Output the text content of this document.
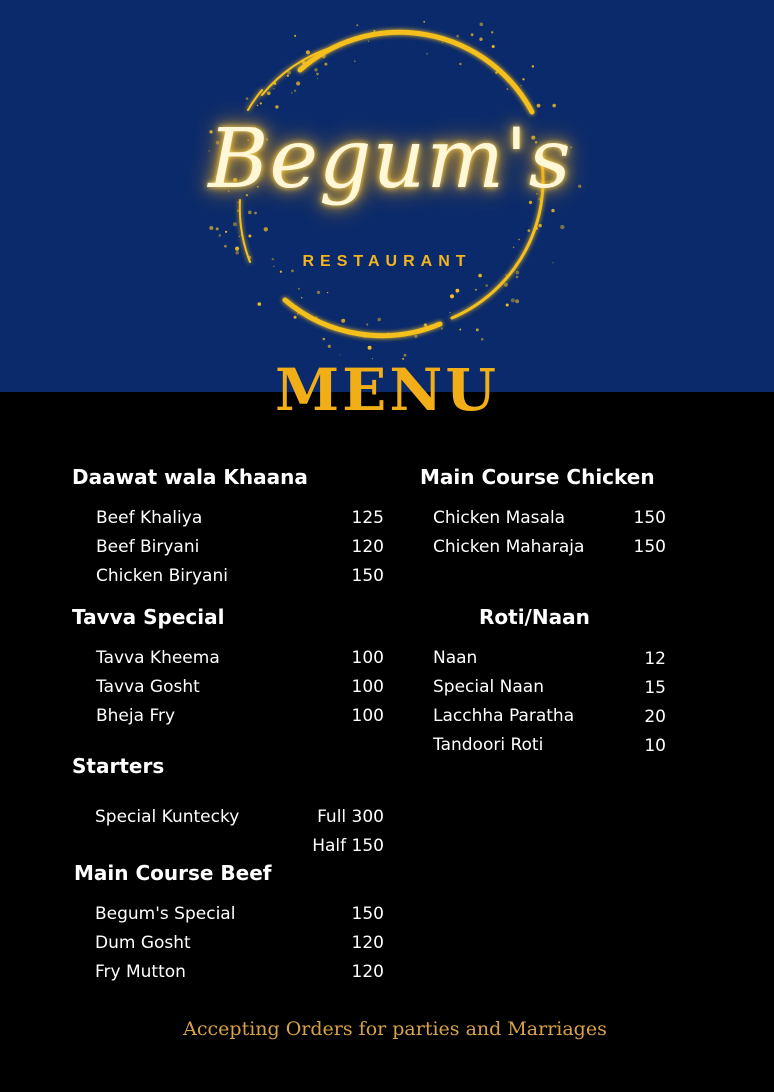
Begum's
RESTAURANT
MENU
Daawat wala Khaana
Beef Khaliya	125
Beef Biryani	120
Chicken Biryani	150
Tavva Special
Tavva Kheema	100
Tavva Gosht	100
Bheja Fry	100
Starters
Special Kuntecky	Full 300
Half 150
Main Course Beef
Begum's Special	150
Dum Gosht	120
Fry Mutton	120
Main Course Chicken
Chicken Masala	150
Chicken Maharaja	150
Roti/Naan
Naan	12
Special Naan	15
Lacchha Paratha	20
Tandoori Roti	10
Accepting Orders for parties and Marriages
